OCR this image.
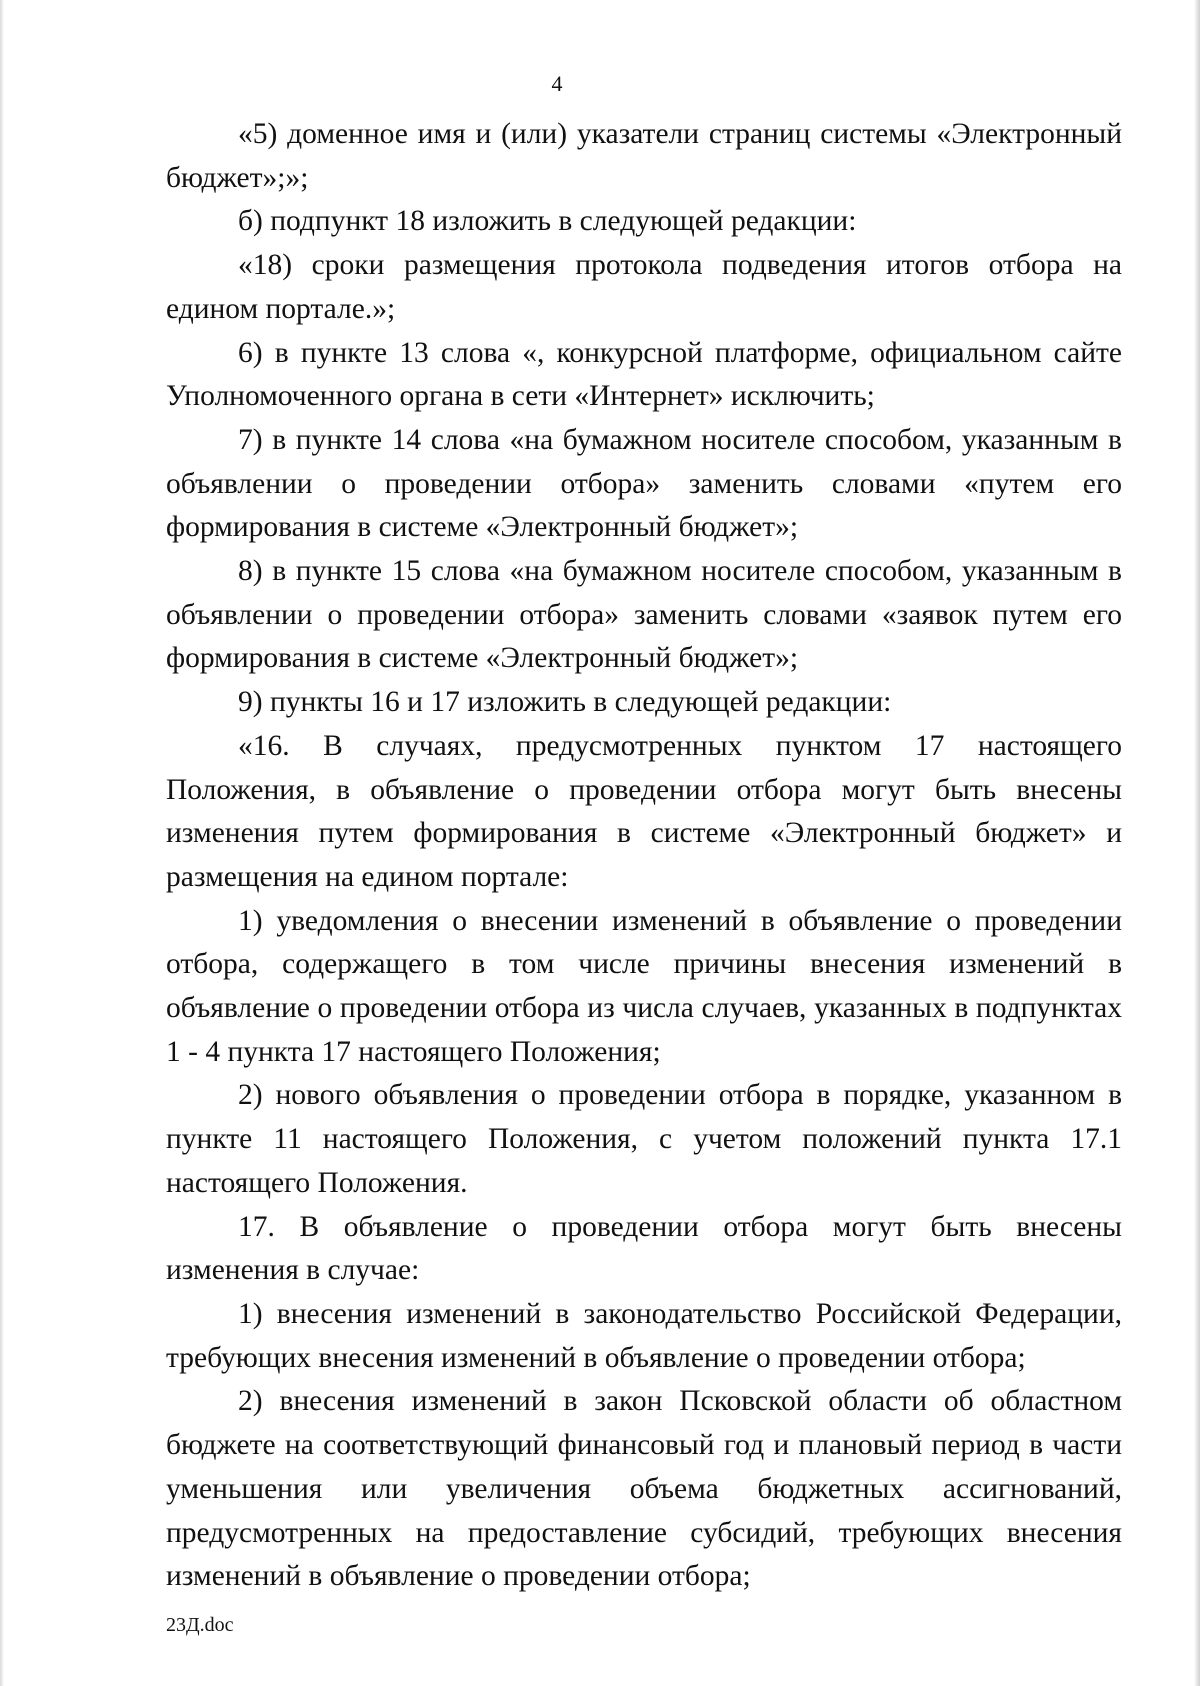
4

«5) доменное имя и (или) указатели страниц системы «Электронный бюджет»;»;

б) подпункт 18 изложить в следующей редакции:

«18) сроки размещения протокола подведения итогов отбора на едином портале.»;

6) в пункте 13 слова «, конкурсной платформе, официальном сайте Уполномоченного органа в сети «Интернет» исключить;

7) в пункте 14 слова «на бумажном носителе способом, указанным в объявлении о проведении отбора» заменить словами «путем его формирования в системе «Электронный бюджет»;

8) в пункте 15 слова «на бумажном носителе способом, указанным в объявлении о проведении отбора» заменить словами «заявок путем его формирования в системе «Электронный бюджет»;

9) пункты 16 и 17 изложить в следующей редакции:

«16. В случаях, предусмотренных пунктом 17 настоящего Положения, в объявление о проведении отбора могут быть внесены изменения путем формирования в системе «Электронный бюджет» и размещения на едином портале:

1) уведомления о внесении изменений в объявление о проведении отбора, содержащего в том числе причины внесения изменений в объявление о проведении отбора из числа случаев, указанных в подпунктах 1 - 4 пункта 17 настоящего Положения;

2) нового объявления о проведении отбора в порядке, указанном в пункте 11 настоящего Положения, с учетом положений пункта 17.1 настоящего Положения.

17. В объявление о проведении отбора могут быть внесены изменения в случае:

1) внесения изменений в законодательство Российской Федерации, требующих внесения изменений в объявление о проведении отбора;

2) внесения изменений в закон Псковской области об областном бюджете на соответствующий финансовый год и плановый период в части уменьшения или увеличения объема бюджетных ассигнований, предусмотренных на предоставление субсидий, требующих внесения изменений в объявление о проведении отбора;

23Д.doc
